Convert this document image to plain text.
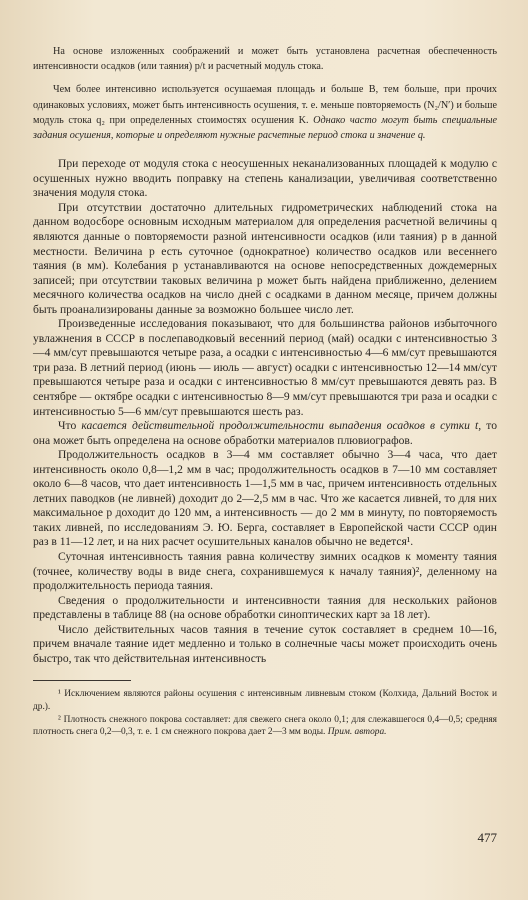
На основе изложенных соображений и может быть установлена расчетная обеспеченность интенсивности осадков (или таяния) p/t и расчетный модуль стока.

Чем более интенсивно используется осушаемая площадь и больше B, тем больше, при прочих одинаковых условиях, может быть интенсивность осушения, т. е. меньше повторяемость (N₂/N′) и больше модуль стока q₂ при определенных стоимостях осушения K. Однако часто могут быть специальные задания осушения, которые и определяют нужные расчетные период стока и значение q.

При переходе от модуля стока с неосушенных неканализованных площадей к модулю с осушенных нужно вводить поправку на степень канализации, увеличивая соответственно значения модуля стока.

При отсутствии достаточно длительных гидрометрических наблюдений стока на данном водосборе основным исходным материалом для определения расчетной величины q являются данные о повторяемости разной интенсивности осадков (или таяния) p в данной местности. Величина p есть суточное (однократное) количество осадков или весеннего таяния (в мм). Колебания p устанавливаются на основе непосредственных дождемерных записей; при отсутствии таковых величина p может быть найдена приближенно, делением месячного количества осадков на число дней с осадками в данном месяце, причем должны быть проанализированы данные за возможно большее число лет.

Произведенные исследования показывают, что для большинства районов избыточного увлажнения в СССР в послепаводковый весенний период (май) осадки с интенсивностью 3—4 мм/сут превышаются четыре раза, а осадки с интенсивностью 4—6 мм/сут превышаются три раза. В летний период (июнь — июль — август) осадки с интенсивностью 12—14 мм/сут превышаются четыре раза и осадки с интенсивностью 8 мм/сут превышаются девять раз. В сентябре — октябре осадки с интенсивностью 8—9 мм/сут превышаются три раза и осадки с интенсивностью 5—6 мм/сут превышаются шесть раз.

Что касается действительной продолжительности выпадения осадков в сутки t, то она может быть определена на основе обработки материалов плювиографов.

Продолжительность осадков в 3—4 мм составляет обычно 3—4 часа, что дает интенсивность около 0,8—1,2 мм в час; продолжительность осадков в 7—10 мм составляет около 6—8 часов, что дает интенсивность 1—1,5 мм в час, причем интенсивность отдельных летних паводков (не ливней) доходит до 2—2,5 мм в час. Что же касается ливней, то для них максимальное p доходит до 120 мм, а интенсивность — до 2 мм в минуту, по повторяемость таких ливней, по исследованиям Э. Ю. Берга, составляет в Европейской части СССР один раз в 11—12 лет, и на них расчет осушительных каналов обычно не ведется¹.

Суточная интенсивность таяния равна количеству зимних осадков к моменту таяния (точнее, количеству воды в виде снега, сохранившемуся к началу таяния)², деленному на продолжительность периода таяния.

Сведения о продолжительности и интенсивности таяния для нескольких районов представлены в таблице 88 (на основе обработки синоптических карт за 18 лет).

Число действительных часов таяния в течение суток составляет в среднем 10—16, причем вначале таяние идет медленно и только в солнечные часы может происходить очень быстро, так что действительная интенсивность

¹ Исключением являются районы осушения с интенсивным ливневым стоком (Колхида, Дальний Восток и др.).

² Плотность снежного покрова составляет: для свежего снега около 0,1; для слежавшегося 0,4—0,5; средняя плотность снега 0,2—0,3, т. е. 1 см снежного покрова дает 2—3 мм воды. Прим. автора.

477
